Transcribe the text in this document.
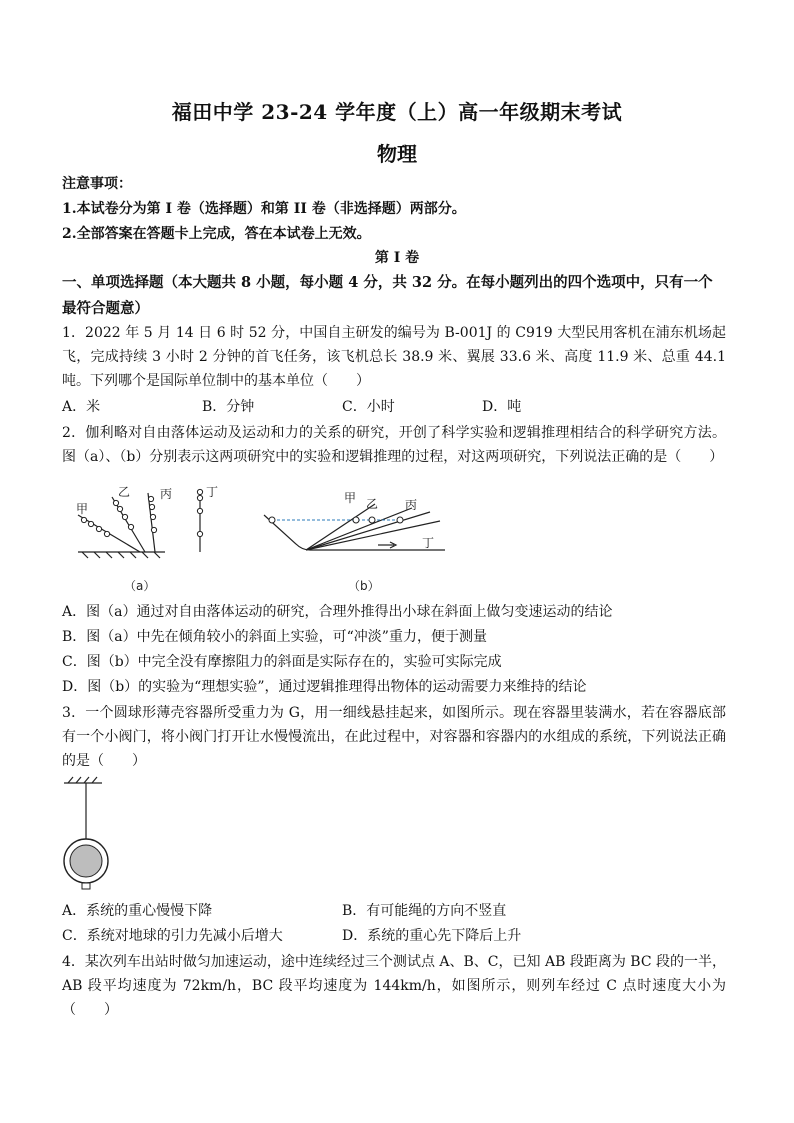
福田中学 23-24 学年度（上）高一年级期末考试
物理
注意事项：
1.本试卷分为第 I 卷（选择题）和第 II 卷（非选择题）两部分。
2.全部答案在答题卡上完成，答在本试卷上无效。
第 I 卷
一、单项选择题（本大题共 8 小题，每小题 4 分，共 32 分。在每小题列出的四个选项中，只有一个最符合题意）
1．2022 年 5 月 14 日 6 时 52 分，中国自主研发的编号为 B-001J 的 C919 大型民用客机在浦东机场起飞，完成持续 3 小时 2 分钟的首飞任务，该飞机总长 38.9 米、翼展 33.6 米、高度 11.9 米、总重 44.1 吨。下列哪个是国际单位制中的基本单位（　　）
A．米	B．分钟	C．小时	D．吨
2．伽利略对自由落体运动及运动和力的关系的研究，开创了科学实验和逻辑推理相结合的科学研究方法。图（a）、（b）分别表示这两项研究中的实验和逻辑推理的过程，对这两项研究，下列说法正确的是（　　）
甲
乙 丙	丁
（a）
甲 乙 丙
丁
（b）
A．图（a）通过对自由落体运动的研究，合理外推得出小球在斜面上做匀变速运动的结论
B．图（a）中先在倾角较小的斜面上实验，可“冲淡”重力，便于测量
C．图（b）中完全没有摩擦阻力的斜面是实际存在的，实验可实际完成
D．图（b）的实验为“理想实验”，通过逻辑推理得出物体的运动需要力来维持的结论
3．一个圆球形薄壳容器所受重力为 G，用一细线悬挂起来，如图所示。现在容器里装满水，若在容器底部有一个小阀门，将小阀门打开让水慢慢流出，在此过程中，对容器和容器内的水组成的系统，下列说法正确的是（　　）
A．系统的重心慢慢下降	B．有可能绳的方向不竖直
C．系统对地球的引力先减小后增大	D．系统的重心先下降后上升
4．某次列车出站时做匀加速运动，途中连续经过三个测试点 A、B、C，已知 AB 段距离为 BC 段的一半，AB 段平均速度为 72km/h，BC 段平均速度为 144km/h，如图所示，则列车经过 C 点时速度大小为（　　）
